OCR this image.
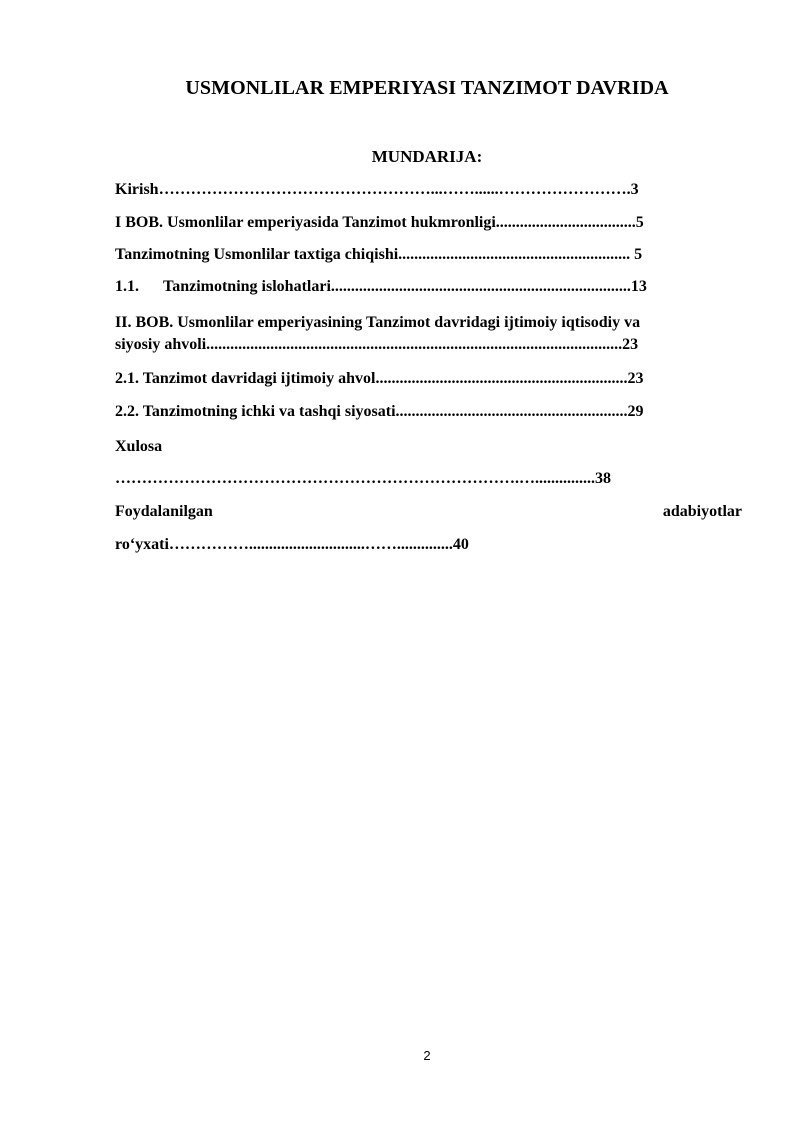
USMONLILAR EMPERIYASI TANZIMOT DAVRIDA
MUNDARIJA:
Kirish……………………………………………...……......…………………….3
I BOB. Usmonlilar emperiyasida Tanzimot hukmronligi...................................5
Tanzimotning Usmonlilar taxtiga chiqishi.......................................................... 5
1.1. Tanzimotning islohatlari...........................................................................13
II. BOB. Usmonlilar emperiyasining Tanzimot davridagi ijtimoiy iqtisodiy va
siyosiy ahvoli........................................................................................................23
2.1. Tanzimot davridagi ijtimoiy ahvol...............................................................23
2.2. Tanzimotning ichki va tashqi siyosati..........................................................29
Xulosa
………………………………………………………………….…...............38
Foydalanilgan	adabiyotlar
ro‘yxati…………….............................……..............40
2
